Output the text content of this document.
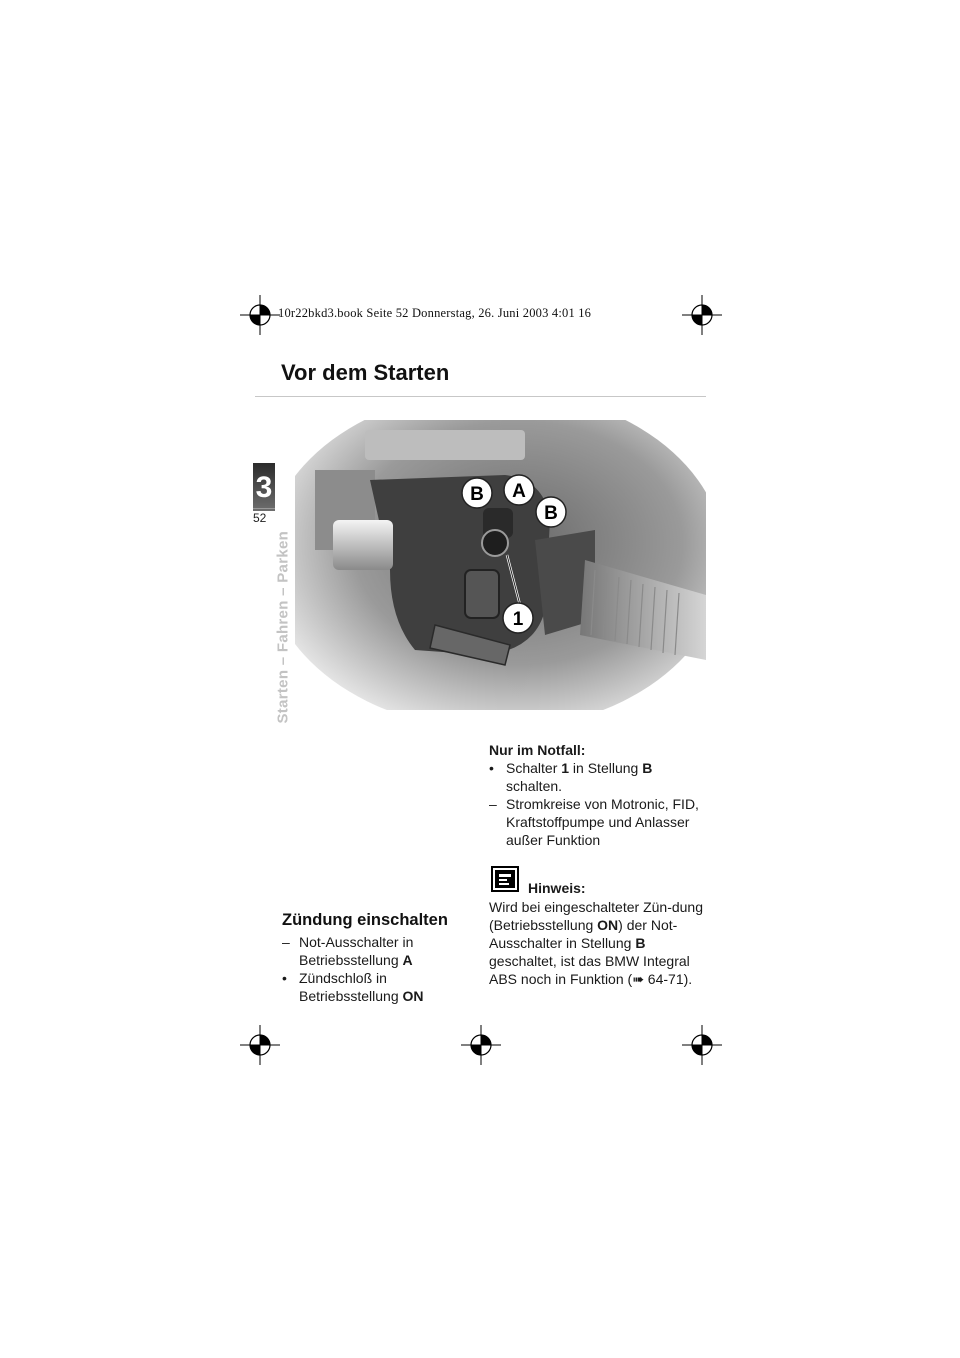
10r22bkd3.book Seite 52 Donnerstag, 26. Juni 2003 4:01 16
Vor dem Starten
3
52
Starten – Fahren – Parken
B A
B
1
Nur im Notfall:
• Schalter 1 in Stellung B schalten.
– Stromkreise von Motronic, FID, Kraftstoffpumpe und Anlasser außer Funktion
Hinweis:
Wird bei eingeschalteter Zün-dung (Betriebsstellung ON) der Not-Ausschalter in Stellung B geschaltet, ist das BMW Integral ABS noch in Funktion (➠ 64-71).
Zündung einschalten
– Not-Ausschalter in Betriebsstellung A
• Zündschloß in Betriebsstellung ON
